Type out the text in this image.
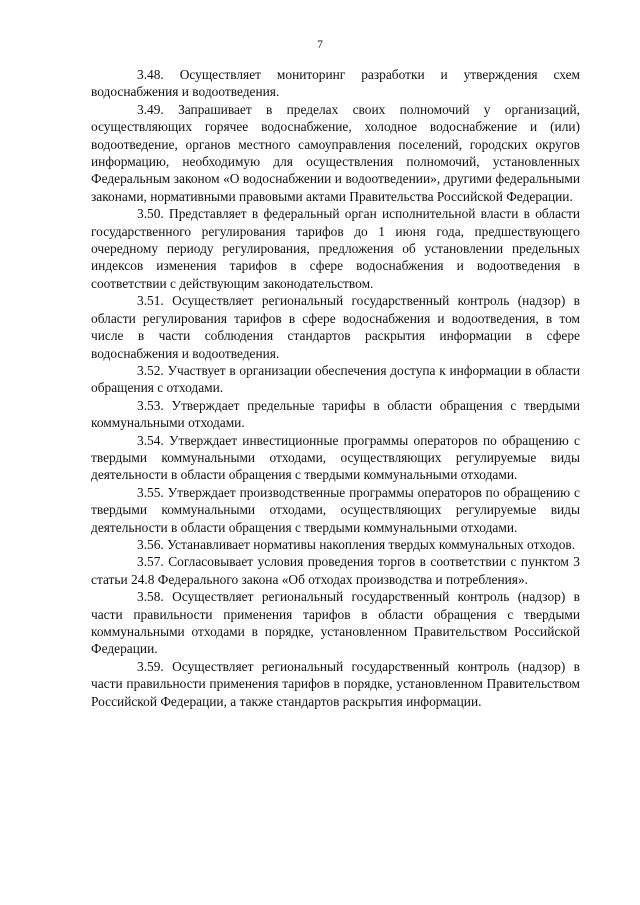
7

3.48. Осуществляет мониторинг разработки и утверждения схем водоснабжения и водоотведения.

3.49. Запрашивает в пределах своих полномочий у организаций, осуществляющих горячее водоснабжение, холодное водоснабжение и (или) водоотведение, органов местного самоуправления поселений, городских округов информацию, необходимую для осуществления полномочий, установленных Федеральным законом «О водоснабжении и водоотведении», другими федеральными законами, нормативными правовыми актами Правительства Российской Федерации.

3.50. Представляет в федеральный орган исполнительной власти в области государственного регулирования тарифов до 1 июня года, предшествующего очередному периоду регулирования, предложения об установлении предельных индексов изменения тарифов в сфере водоснабжения и водоотведения в соответствии с действующим законодательством.

3.51. Осуществляет региональный государственный контроль (надзор) в области регулирования тарифов в сфере водоснабжения и водоотведения, в том числе в части соблюдения стандартов раскрытия информации в сфере водоснабжения и водоотведения.

3.52. Участвует в организации обеспечения доступа к информации в области обращения с отходами.

3.53. Утверждает предельные тарифы в области обращения с твердыми коммунальными отходами.

3.54. Утверждает инвестиционные программы операторов по обращению с твердыми коммунальными отходами, осуществляющих регулируемые виды деятельности в области обращения с твердыми коммунальными отходами.

3.55. Утверждает производственные программы операторов по обращению с твердыми коммунальными отходами, осуществляющих регулируемые виды деятельности в области обращения с твердыми коммунальными отходами.

3.56. Устанавливает нормативы накопления твердых коммунальных отходов.

3.57. Согласовывает условия проведения торгов в соответствии с пунктом 3 статьи 24.8 Федерального закона «Об отходах производства и потребления».

3.58. Осуществляет региональный государственный контроль (надзор) в части правильности применения тарифов в области обращения с твердыми коммунальными отходами в порядке, установленном Правительством Российской Федерации.

3.59. Осуществляет региональный государственный контроль (надзор) в части правильности применения тарифов в порядке, установленном Правительством Российской Федерации, а также стандартов раскрытия информации.
